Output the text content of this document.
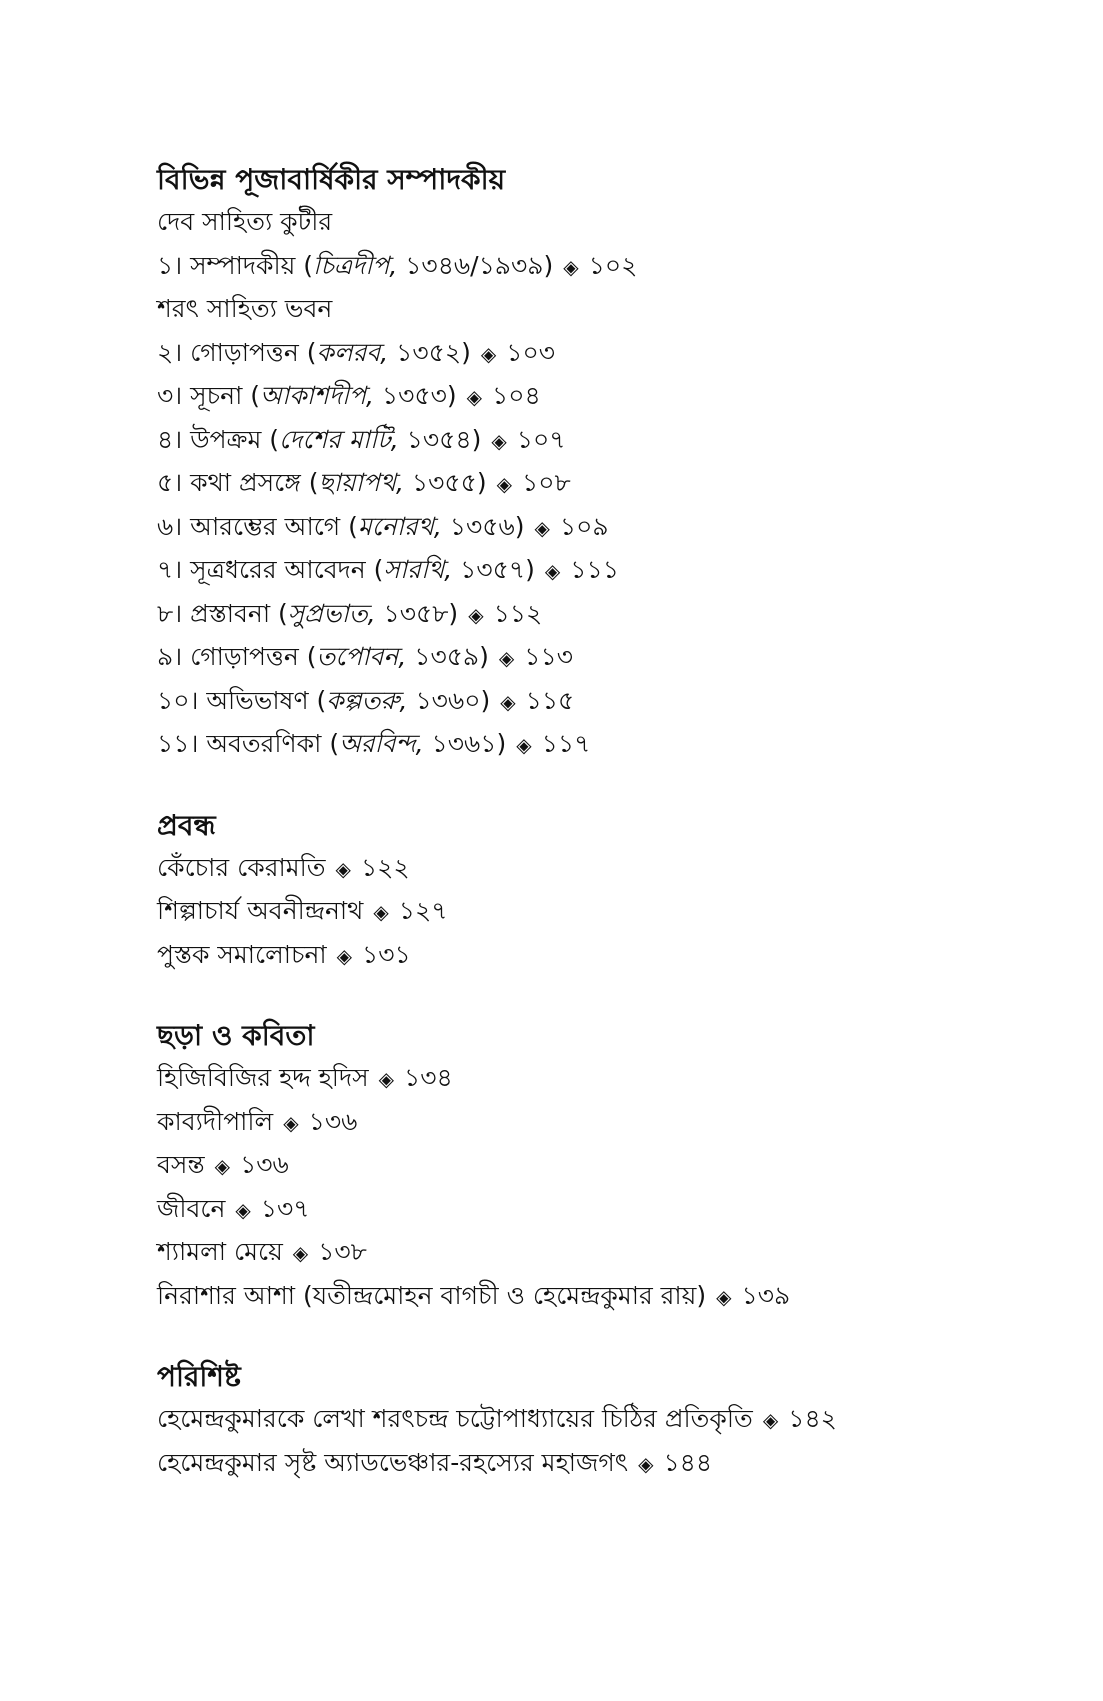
বিভিন্ন পূজাবার্ষিকীর সম্পাদকীয়
দেব সাহিত্য কুটীর
১। সম্পাদকীয় (চিত্রদীপ, ১৩৪৬/১৯৩৯) ◈ ১০২
শরৎ সাহিত্য ভবন
২। গোড়াপত্তন (কলরব, ১৩৫২) ◈ ১০৩
৩। সূচনা (আকাশদীপ, ১৩৫৩) ◈ ১০৪
৪। উপক্রম (দেশের মাটি, ১৩৫৪) ◈ ১০৭
৫। কথা প্রসঙ্গে (ছায়াপথ, ১৩৫৫) ◈ ১০৮
৬। আরম্ভের আগে (মনোরথ, ১৩৫৬) ◈ ১০৯
৭। সূত্রধরের আবেদন (সারথি, ১৩৫৭) ◈ ১১১
৮। প্রস্তাবনা (সুপ্রভাত, ১৩৫৮) ◈ ১১২
৯। গোড়াপত্তন (তপোবন, ১৩৫৯) ◈ ১১৩
১০। অভিভাষণ (কল্পতরু, ১৩৬০) ◈ ১১৫
১১। অবতরণিকা (অরবিন্দ, ১৩৬১) ◈ ১১৭
প্রবন্ধ
কেঁচোর কেরামতি ◈ ১২২
শিল্পাচার্য অবনীন্দ্রনাথ ◈ ১২৭
পুস্তক সমালোচনা ◈ ১৩১
ছড়া ও কবিতা
হিজিবিজির হদ্দ হদিস ◈ ১৩৪
কাব্যদীপালি ◈ ১৩৬
বসন্ত ◈ ১৩৬
জীবনে ◈ ১৩৭
শ্যামলা মেয়ে ◈ ১৩৮
নিরাশার আশা (যতীন্দ্রমোহন বাগচী ও হেমেন্দ্রকুমার রায়) ◈ ১৩৯
পরিশিষ্ট
হেমেন্দ্রকুমারকে লেখা শরৎচন্দ্র চট্টোপাধ্যায়ের চিঠির প্রতিকৃতি ◈ ১৪২
হেমেন্দ্রকুমার সৃষ্ট অ্যাডভেঞ্চার-রহস্যের মহাজগৎ ◈ ১৪৪
